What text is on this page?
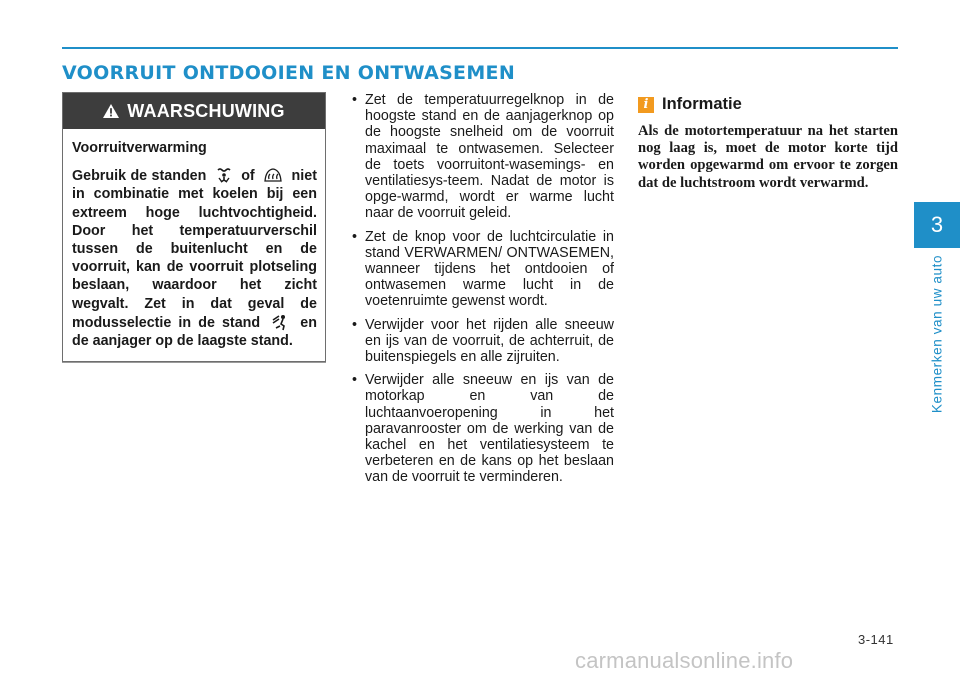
VOORRUIT ONTDOOIEN EN ONTWASEMEN
WAARSCHUWING
Voorruitverwarming
Gebruik de standen of	niet in combinatie met koelen bij een extreem hoge luchtvochtigheid. Door het temperatuurverschil tussen de buitenlucht en de voorruit, kan de voorruit plotseling beslaan, waardoor het zicht wegvalt. Zet in dat geval de modusselectie in de stand	en de aanjager op de laagste stand.
• Zet de temperatuurregelknop in de hoogste stand en de aanjagerknop op de hoogste snelheid om de voorruit maximaal te ontwasemen. Selecteer de toets voorruitont-wasemings- en ventilatiesys-teem. Nadat de motor is opge-warmd, wordt er warme lucht naar de voorruit geleid.
• Zet de knop voor de luchtcirculatie in stand VERWARMEN/ ONTWASEMEN, wanneer tijdens het ontdooien of ontwasemen warme lucht in de voetenruimte gewenst wordt.
• Verwijder voor het rijden alle sneeuw en ijs van de voorruit, de achterruit, de buitenspiegels en alle zijruiten.
• Verwijder alle sneeuw en ijs van de motorkap en van de luchtaanvoeropening in het paravanrooster om de werking van de kachel en het ventilatiesysteem te verbeteren en de kans op het beslaan van de voorruit te verminderen.
i Informatie
Als de motortemperatuur na het starten nog laag is, moet de motor korte tijd worden opgewarmd om ervoor te zorgen dat de luchtstroom wordt verwarmd.
3
Kenmerken van uw auto
3-141
carmanualsonline.info
